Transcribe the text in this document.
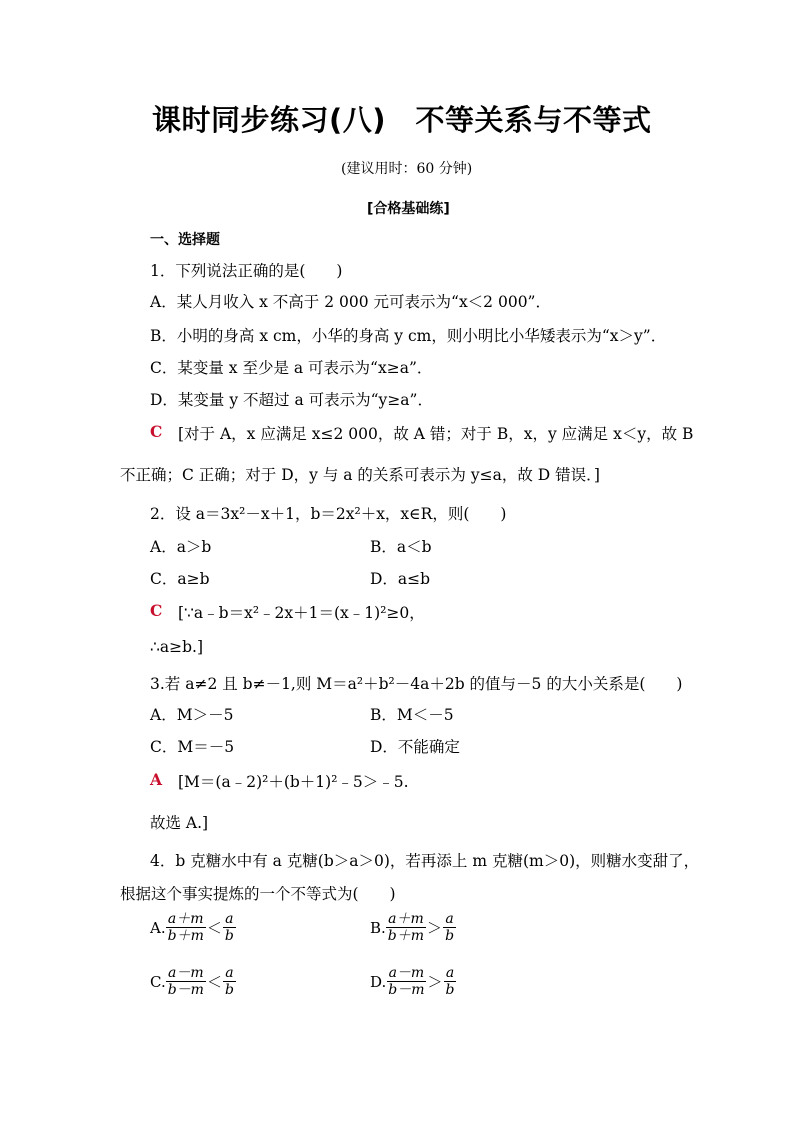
课时同步练习(八)　不等关系与不等式
(建议用时：60 分钟)
[合格基础练]
一、选择题
1．下列说法正确的是(　　)
A．某人月收入 x 不高于 2 000 元可表示为“x＜2 000”．
B．小明的身高 x cm，小华的身高 y cm，则小明比小华矮表示为“x＞y”．
C．某变量 x 至少是 a 可表示为“x≥a”．
D．某变量 y 不超过 a 可表示为“y≥a”．
C [对于 A，x 应满足 x≤2 000，故 A 错；对于 B，x，y 应满足 x＜y，故 B
不正确；C 正确；对于 D，y 与 a 的关系可表示为 y≤a，故 D 错误．]
2．设 a＝3x²－x＋1，b＝2x²＋x，x∈R，则(　　)
A．a＞b	B．a＜b
C．a≥b	D．a≤b
C [∵a﹣b＝x²﹣2x＋1＝(x﹣1)²≥0，
∴a≥b.]
3.若 a≠2 且 b≠－1,则 M＝a²＋b²－4a＋2b 的值与－5 的大小关系是(　　)
A．M＞－5	B．M＜－5
C．M＝－5	D．不能确定
A [M＝(a﹣2)²＋(b＋1)²﹣5＞﹣5.
故选 A.]
4．b 克糖水中有 a 克糖(b＞a＞0)，若再添上 m 克糖(m＞0)，则糖水变甜了，
根据这个事实提炼的一个不等式为(　　)
A. $\frac{a+m}{b+m} < \frac{a}{b}$	B. $\frac{a+m}{b+m} > \frac{a}{b}$
C. $\frac{a-m}{b-m} < \frac{a}{b}$	D. $\frac{a-m}{b-m} > \frac{a}{b}$
